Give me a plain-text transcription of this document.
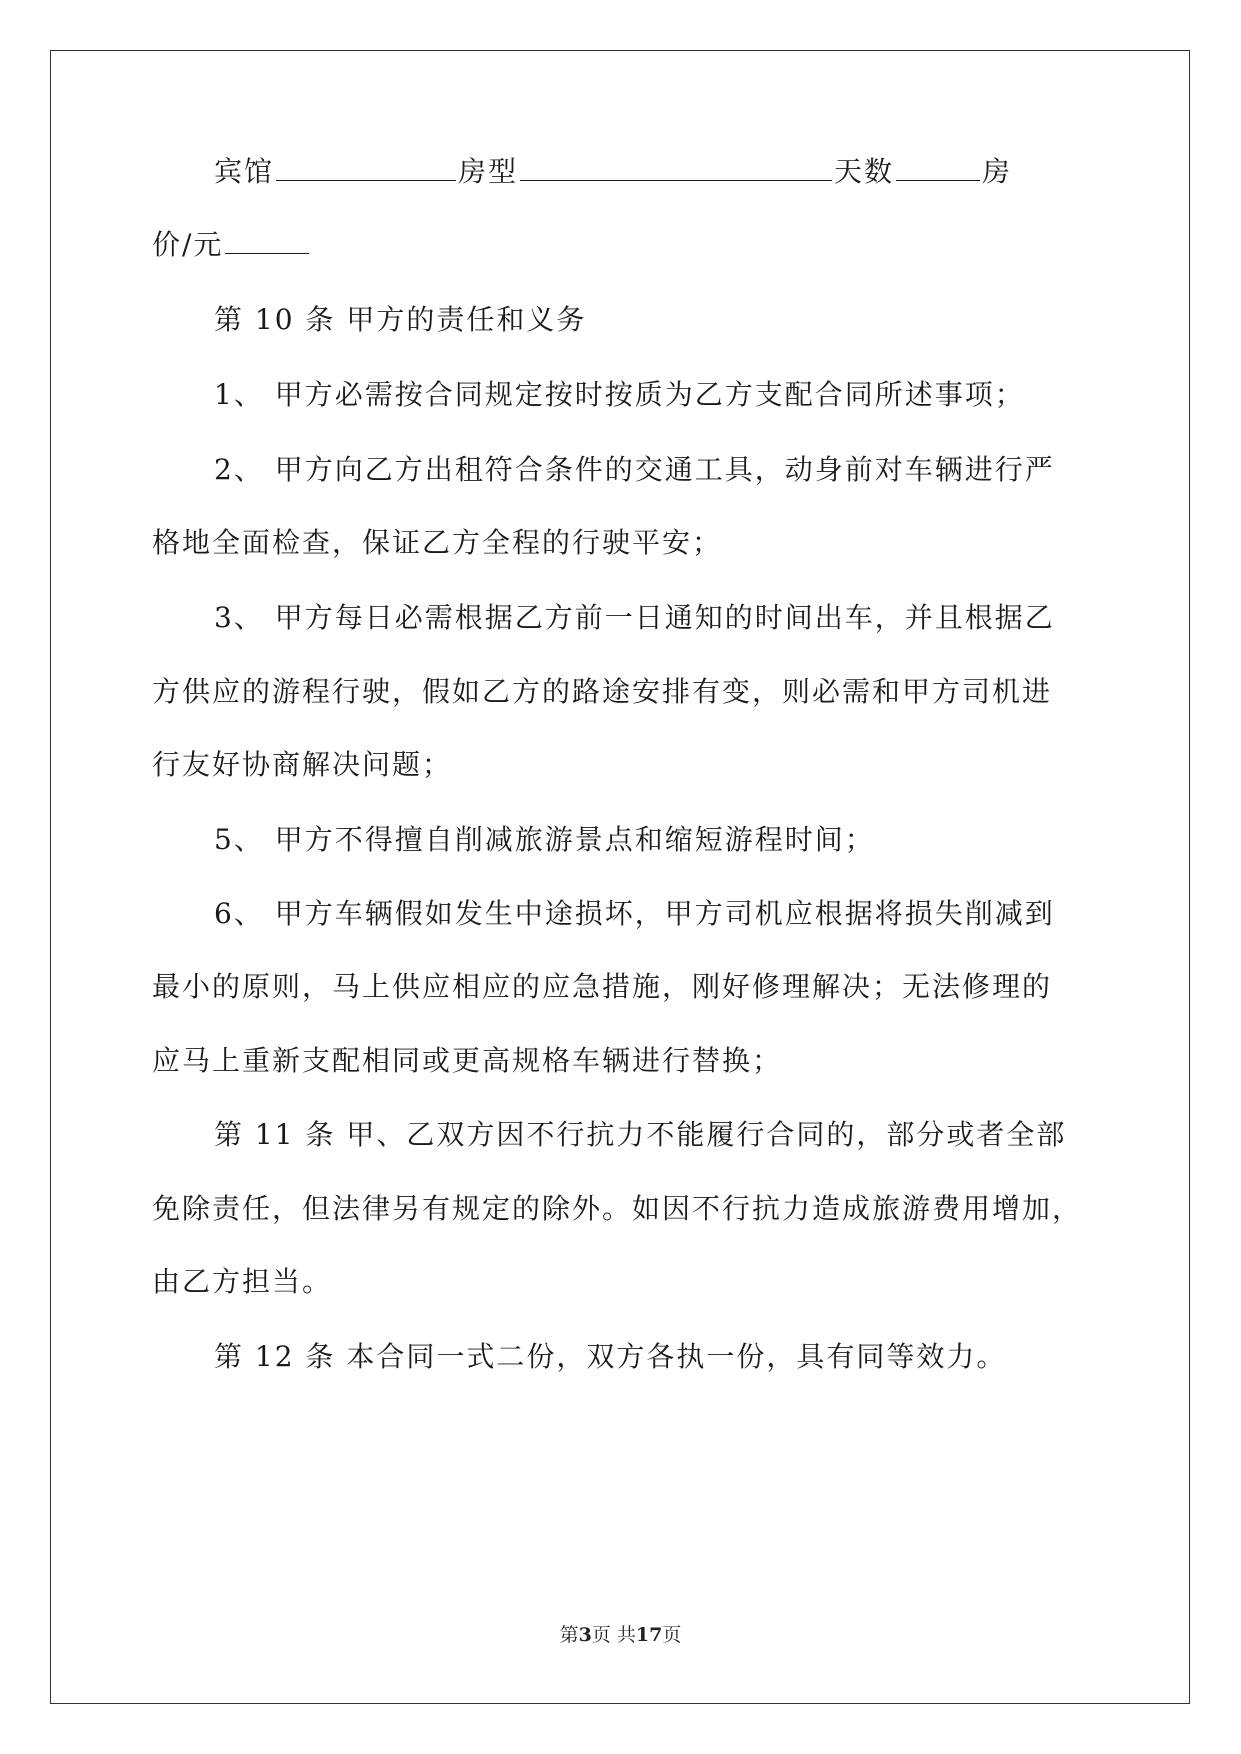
宾馆	房型	天数	房
价/元
第 10 条 甲方的责任和义务
1、 甲方必需按合同规定按时按质为乙方支配合同所述事项；
2、 甲方向乙方出租符合条件的交通工具，动身前对车辆进行严
格地全面检查，保证乙方全程的行驶平安；
3、 甲方每日必需根据乙方前一日通知的时间出车，并且根据乙
方供应的游程行驶，假如乙方的路途安排有变，则必需和甲方司机进
行友好协商解决问题；
5、 甲方不得擅自削减旅游景点和缩短游程时间；
6、 甲方车辆假如发生中途损坏，甲方司机应根据将损失削减到
最小的原则，马上供应相应的应急措施，刚好修理解决；无法修理的
应马上重新支配相同或更高规格车辆进行替换；
第 11 条 甲、乙双方因不行抗力不能履行合同的，部分或者全部
免除责任，但法律另有规定的除外。如因不行抗力造成旅游费用增加，
由乙方担当。
第 12 条 本合同一式二份，双方各执一份，具有同等效力。
第3页 共17页
